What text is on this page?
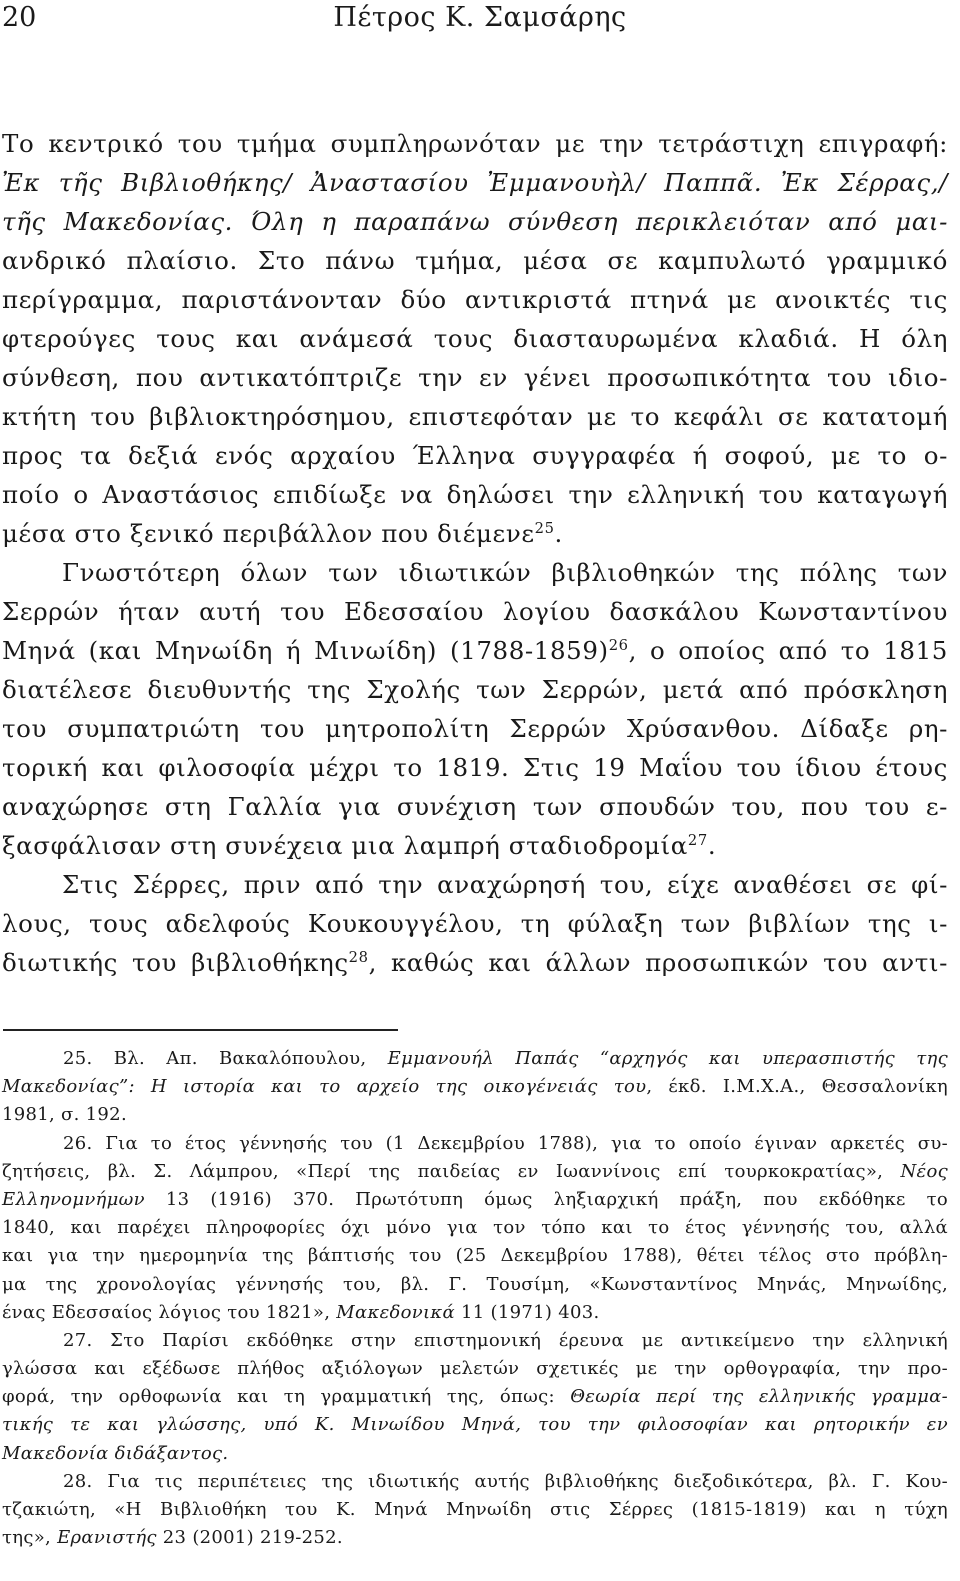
20	Πέτρος Κ. Σαμσάρης
Το κεντρικό του τμήμα συμπληρωνόταν με την τετράστιχη επιγραφή:
Ἐκ τῆς Βιβλιοθήκης/ Ἀναστασίου Ἐμμανουὴλ/ Παππᾶ. Ἐκ Σέρρας,/
τῆς Μακεδονίας. Όλη η παραπάνω σύνθεση περικλειόταν από μαι-
ανδρικό πλαίσιο. Στο πάνω τμήμα, μέσα σε καμπυλωτό γραμμικό
περίγραμμα, παριστάνονταν δύο αντικριστά πτηνά με ανοικτές τις
φτερούγες τους και ανάμεσά τους διασταυρωμένα κλαδιά. Η όλη
σύνθεση, που αντικατόπτριζε την εν γένει προσωπικότητα του ιδιο-
κτήτη του βιβλιοκτηρόσημου, επιστεφόταν με το κεφάλι σε κατατομή
προς τα δεξιά ενός αρχαίου Έλληνα συγγραφέα ή σοφού, με το ο-
ποίο ο Αναστάσιος επιδίωξε να δηλώσει την ελληνική του καταγωγή
μέσα στο ξενικό περιβάλλον που διέμενε$^{25}$.
Γνωστότερη όλων των ιδιωτικών βιβλιοθηκών της πόλης των
Σερρών ήταν αυτή του Εδεσσαίου λογίου δασκάλου Κωνσταντίνου
Μηνά (και Μηνωίδη ή Μινωίδη) (1788-1859)$^{26}$, ο οποίος από το 1815
διατέλεσε διευθυντής της Σχολής των Σερρών, μετά από πρόσκληση
του συμπατριώτη του μητροπολίτη Σερρών Χρύσανθου. Δίδαξε ρη-
τορική και φιλοσοφία μέχρι το 1819. Στις 19 Μαΐου του ίδιου έτους
αναχώρησε στη Γαλλία για συνέχιση των σπουδών του, που του ε-
ξασφάλισαν στη συνέχεια μια λαμπρή σταδιοδρομία$^{27}$.
Στις Σέρρες, πριν από την αναχώρησή του, είχε αναθέσει σε φί-
λους, τους αδελφούς Κουκουγγέλου, τη φύλαξη των βιβλίων της ι-
διωτικής του βιβλιοθήκης$^{28}$, καθώς και άλλων προσωπικών του αντι-
25. Βλ. Απ. Βακαλόπουλου, Εμμανουήλ Παπάς “αρχηγός και υπερασπιστής της
Μακεδονίας”: Η ιστορία και το αρχείο της οικογένειάς του, έκδ. Ι.Μ.Χ.Α., Θεσσαλονίκη
1981, σ. 192.
26. Για το έτος γέννησής του (1 Δεκεμβρίου 1788), για το οποίο έγιναν αρκετές συ-
ζητήσεις, βλ. Σ. Λάμπρου, «Περί της παιδείας εν Ιωαννίνοις επί τουρκοκρατίας», Νέος
Ελληνομνήμων 13 (1916) 370. Πρωτότυπη όμως ληξιαρχική πράξη, που εκδόθηκε το
1840, και παρέχει πληροφορίες όχι μόνο για τον τόπο και το έτος γέννησής του, αλλά
και για την ημερομηνία της βάπτισής του (25 Δεκεμβρίου 1788), θέτει τέλος στο πρόβλη-
μα της χρονολογίας γέννησής του, βλ. Γ. Τουσίμη, «Κωνσταντίνος Μηνάς, Μηνωίδης,
ένας Εδεσσαίος λόγιος του 1821», Μακεδονικά 11 (1971) 403.
27. Στο Παρίσι εκδόθηκε στην επιστημονική έρευνα με αντικείμενο την ελληνική
γλώσσα και εξέδωσε πλήθος αξιόλογων μελετών σχετικές με την ορθογραφία, την προ-
φορά, την ορθοφωνία και τη γραμματική της, όπως: Θεωρία περί της ελληνικής γραμμα-
τικής τε και γλώσσης, υπό Κ. Μινωίδου Μηνά, του την φιλοσοφίαν και ρητορικήν εν
Μακεδονία διδάξαντος.
28. Για τις περιπέτειες της ιδιωτικής αυτής βιβλιοθήκης διεξοδικότερα, βλ. Γ. Κου-
τζακιώτη, «Η Βιβλιοθήκη του Κ. Μηνά Μηνωίδη στις Σέρρες (1815-1819) και η τύχη
της», Ερανιστής 23 (2001) 219-252.
